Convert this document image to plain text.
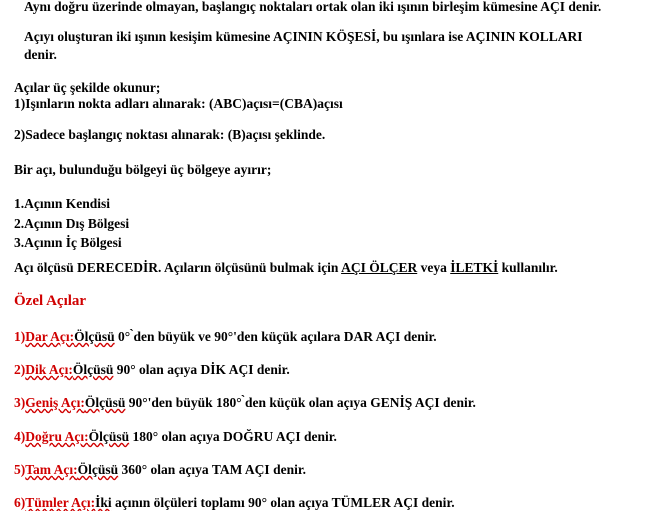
Aynı doğru üzerinde olmayan, başlangıç noktaları ortak olan iki ışının birleşim kümesine AÇI denir.
Açıyı oluşturan iki ışının kesişim kümesine AÇININ KÖŞESİ, bu ışınlara ise AÇININ KOLLARI
denir.

Açılar üç şekilde okunur;

1)Işınların nokta adları alınarak: (ABC)açısı=(CBA)açısı

2)Sadece başlangıç noktası alınarak: (B)açısı şeklinde.

Bir açı, bulunduğu bölgeyi üç bölgeye ayırır;

1.Açının Kendisi

2.Açının Dış Bölgesi

3.Açının İç Bölgesi

Açı ölçüsü DERECEDİR. Açıların ölçüsünü bulmak için AÇI ÖLÇER veya İLETKİ kullanılır.

Özel Açılar

1)Dar Açı:Ölçüsü 0° ̀den büyük ve 90°'den küçük açılara DAR AÇI denir.

2)Dik Açı:Ölçüsü 90° olan açıya DİK AÇI denir.

3)Geniş Açı:Ölçüsü 90°'den büyük 180° ̀den küçük olan açıya GENİŞ AÇI denir.

4)Doğru Açı:Ölçüsü 180° olan açıya DOĞRU AÇI denir.

5)Tam Açı:Ölçüsü 360° olan açıya TAM AÇI denir.

6)Tümler Açı:İki açının ölçüleri toplamı 90° olan açıya TÜMLER AÇI denir.
